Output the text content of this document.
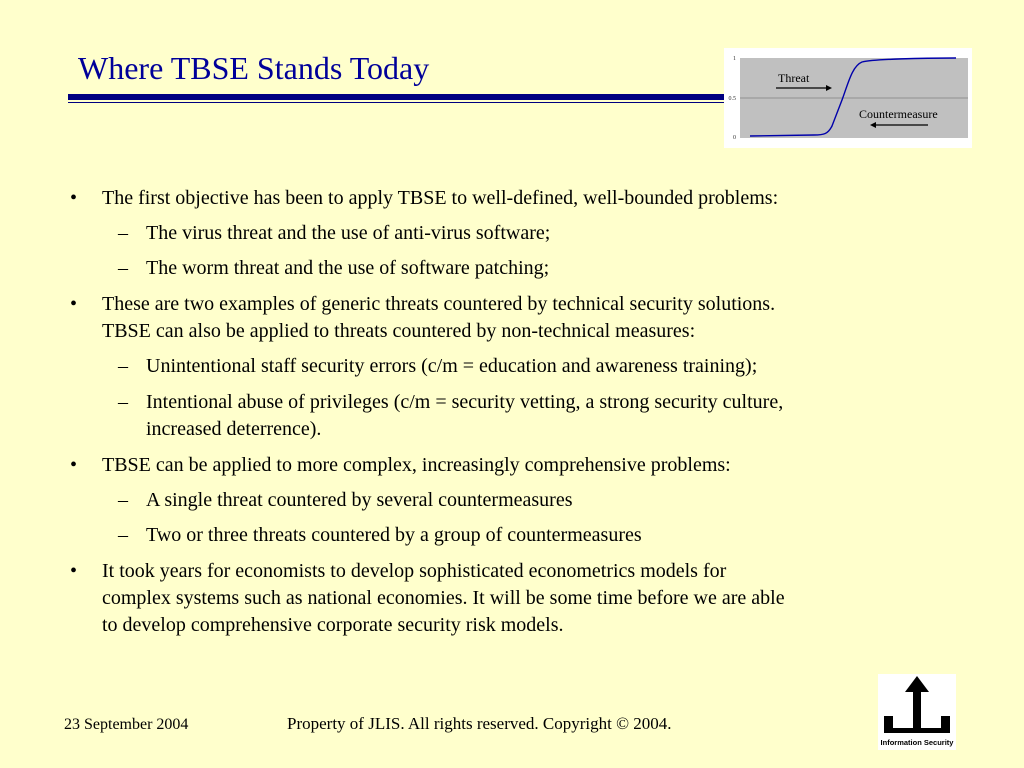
Where TBSE Stands Today	1
0.5
0
Threat
Countermeasure
• The first objective has been to apply TBSE to well-defined, well-bounded problems:
– The virus threat and the use of anti-virus software;
– The worm threat and the use of software patching;
• These are two examples of generic threats countered by technical security solutions.
TBSE can also be applied to threats countered by non-technical measures:
– Unintentional staff security errors (c/m = education and awareness training);
– Intentional abuse of privileges (c/m = security vetting, a strong security culture,
increased deterrence).
• TBSE can be applied to more complex, increasingly comprehensive problems:
– A single threat countered by several countermeasures
– Two or three threats countered by a group of countermeasures
• It took years for economists to develop sophisticated econometrics models for
complex systems such as national economies. It will be some time before we are able
to develop comprehensive corporate security risk models.
23 September 2004	Property of JLIS. All rights reserved. Copyright © 2004.
Information Security
